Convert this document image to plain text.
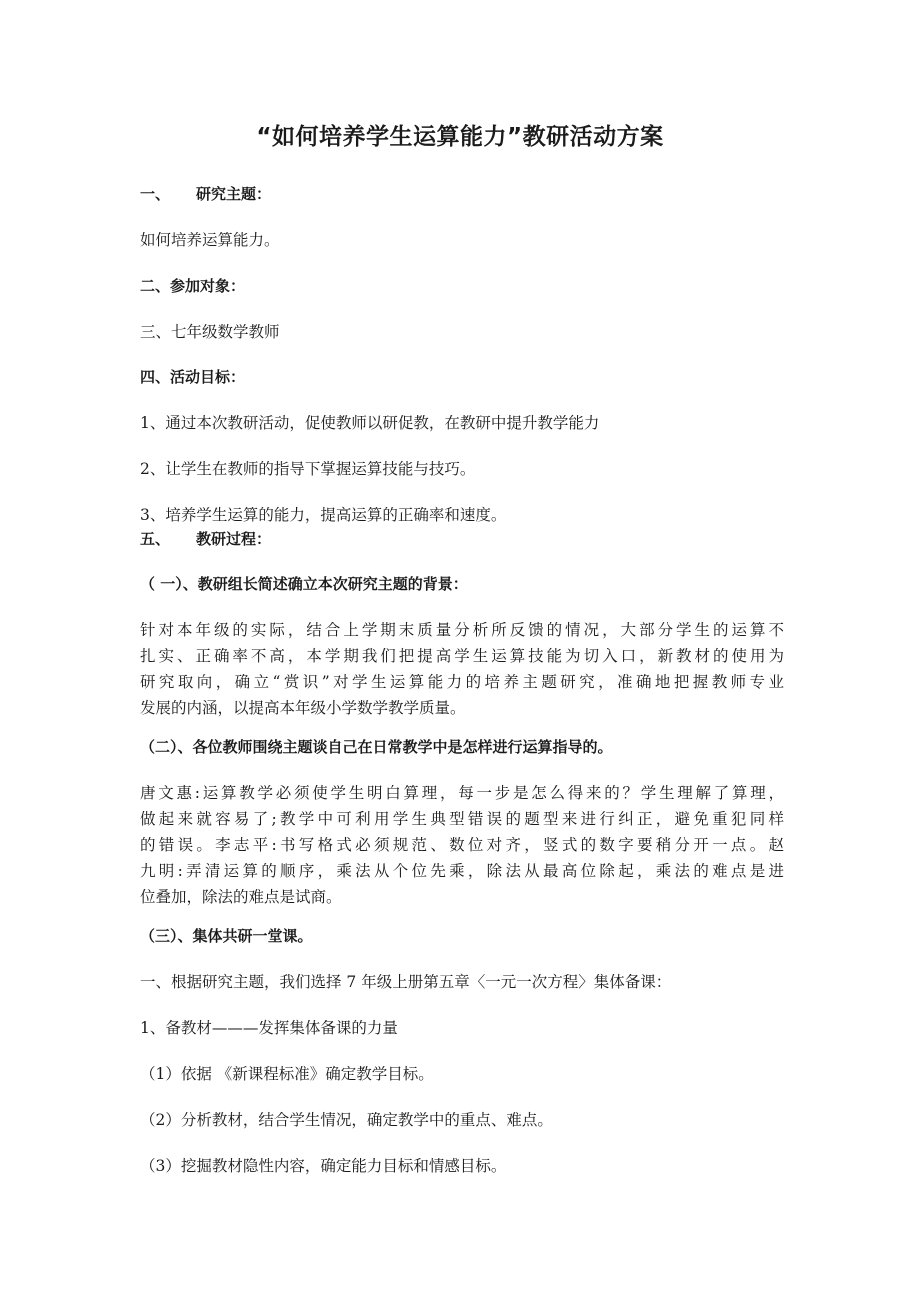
“如何培养学生运算能力”教研活动方案

一、 研究主题：

如何培养运算能力。

二、参加对象：

三、七年级数学教师

四、活动目标：

1、通过本次教研活动，促使教师以研促教，在教研中提升教学能力

2、让学生在教师的指导下掌握运算技能与技巧。

3、培养学生运算的能力，提高运算的正确率和速度。

五、 教研过程：

（ 一）、教研组长简述确立本次研究主题的背景：

针对本年级的实际，结合上学期末质量分析所反馈的情况，大部分学生的运算不
扎实、正确率不高，本学期我们把提高学生运算技能为切入口，新教材的使用为
研究取向，确立“赏识”对学生运算能力的培养主题研究，准确地把握教师专业
发展的内涵，以提高本年级小学数学教学质量。

（二）、各位教师围绕主题谈自己在日常教学中是怎样进行运算指导的。

唐文惠:运算教学必须使学生明白算理，每一步是怎么得来的？学生理解了算理，
做起来就容易了;教学中可利用学生典型错误的题型来进行纠正，避免重犯同样
的错误。李志平:书写格式必须规范、数位对齐，竖式的数字要稍分开一点。赵
九明:弄清运算的顺序，乘法从个位先乘，除法从最高位除起，乘法的难点是进
位叠加，除法的难点是试商。

（三）、集体共研一堂课。

一、根据研究主题，我们选择 7 年级上册第五章〈一元一次方程〉集体备课：

1、备教材———发挥集体备课的力量

（1）依据 《新课程标准》确定教学目标。

（2）分析教材，结合学生情况，确定教学中的重点、难点。

（3）挖掘教材隐性内容，确定能力目标和情感目标。
